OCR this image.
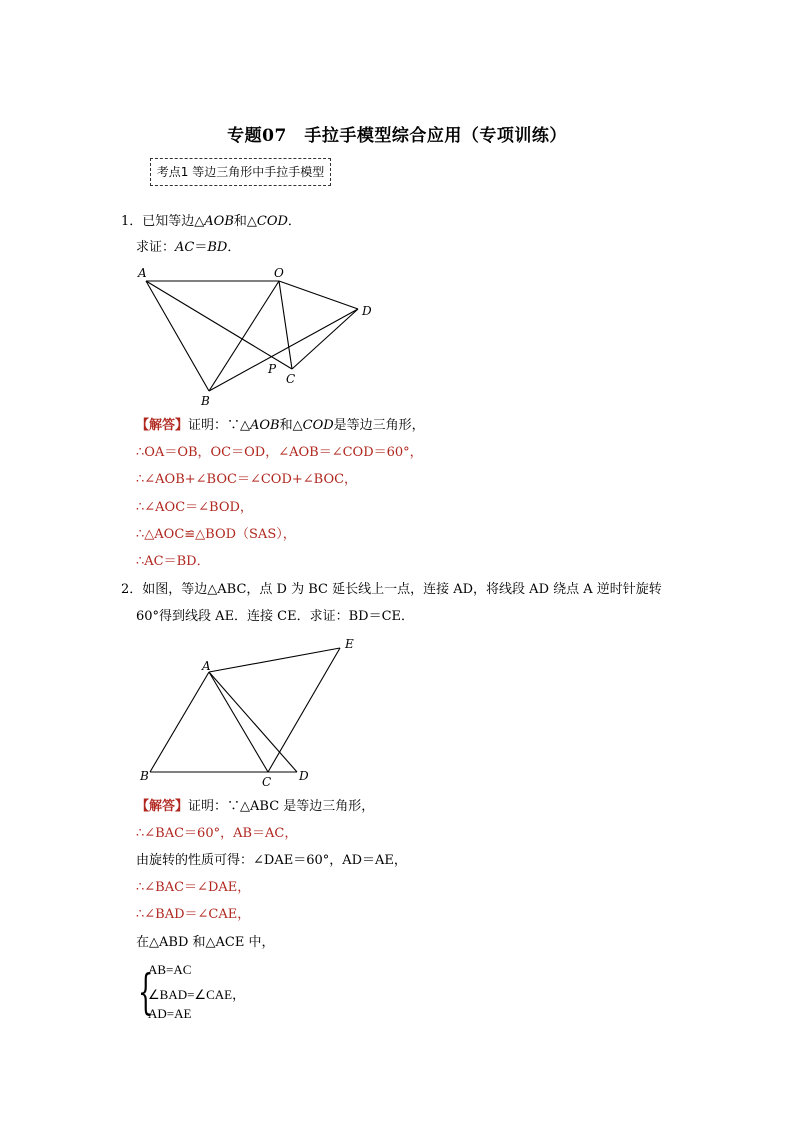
专题07　手拉手模型综合应用（专项训练）
考点1 等边三角形中手拉手模型
1．已知等边△AOB和△COD．
求证：AC＝BD．
A	O
D
P
C
B
A
E
B	C D
【解答】证明：∵△AOB和△COD是等边三角形，
∴OA＝OB，OC＝OD，∠AOB＝∠COD＝60°，
∴∠AOB+∠BOC＝∠COD+∠BOC，
∴∠AOC＝∠BOD，
∴△AOC≌△BOD（SAS），
∴AC＝BD．
2．如图，等边△ABC，点 D 为 BC 延长线上一点，连接 AD，将线段 AD 绕点 A 逆时针旋转
60°得到线段 AE．连接 CE．求证：BD＝CE．
【解答】证明：∵△ABC 是等边三角形，
∴∠BAC＝60°，AB＝AC，
由旋转的性质可得：∠DAE＝60°，AD＝AE，
∴∠BAC＝∠DAE，
∴∠BAD＝∠CAE，
在△ABD 和△ACE 中，
{
AB=AC
∠BAD=∠CAE，
AD=AE
